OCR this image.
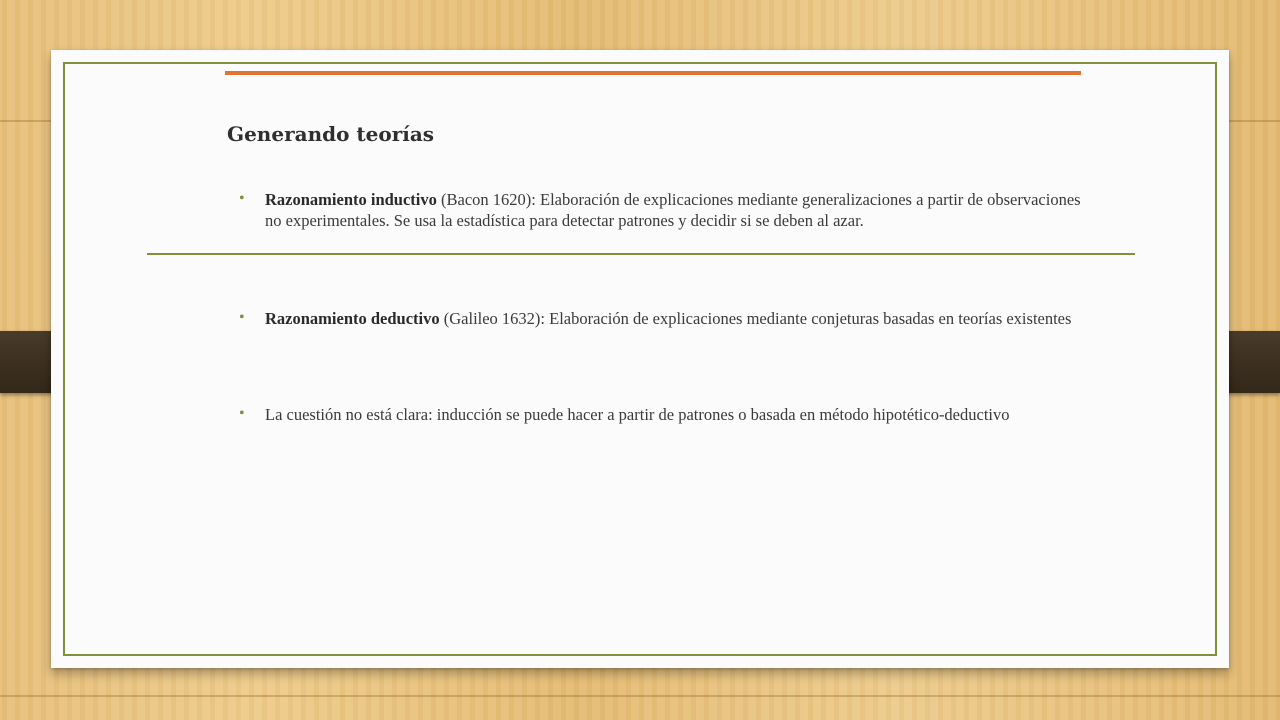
Generando teorías
• Razonamiento inductivo (Bacon 1620): Elaboración de explicaciones mediante generalizaciones a partir de observaciones no experimentales. Se usa la estadística para detectar patrones y decidir si se deben al azar.
• Razonamiento deductivo (Galileo 1632): Elaboración de explicaciones mediante conjeturas basadas en teorías existentes
• La cuestión no está clara: inducción se puede hacer a partir de patrones o basada en método hipotético-deductivo
